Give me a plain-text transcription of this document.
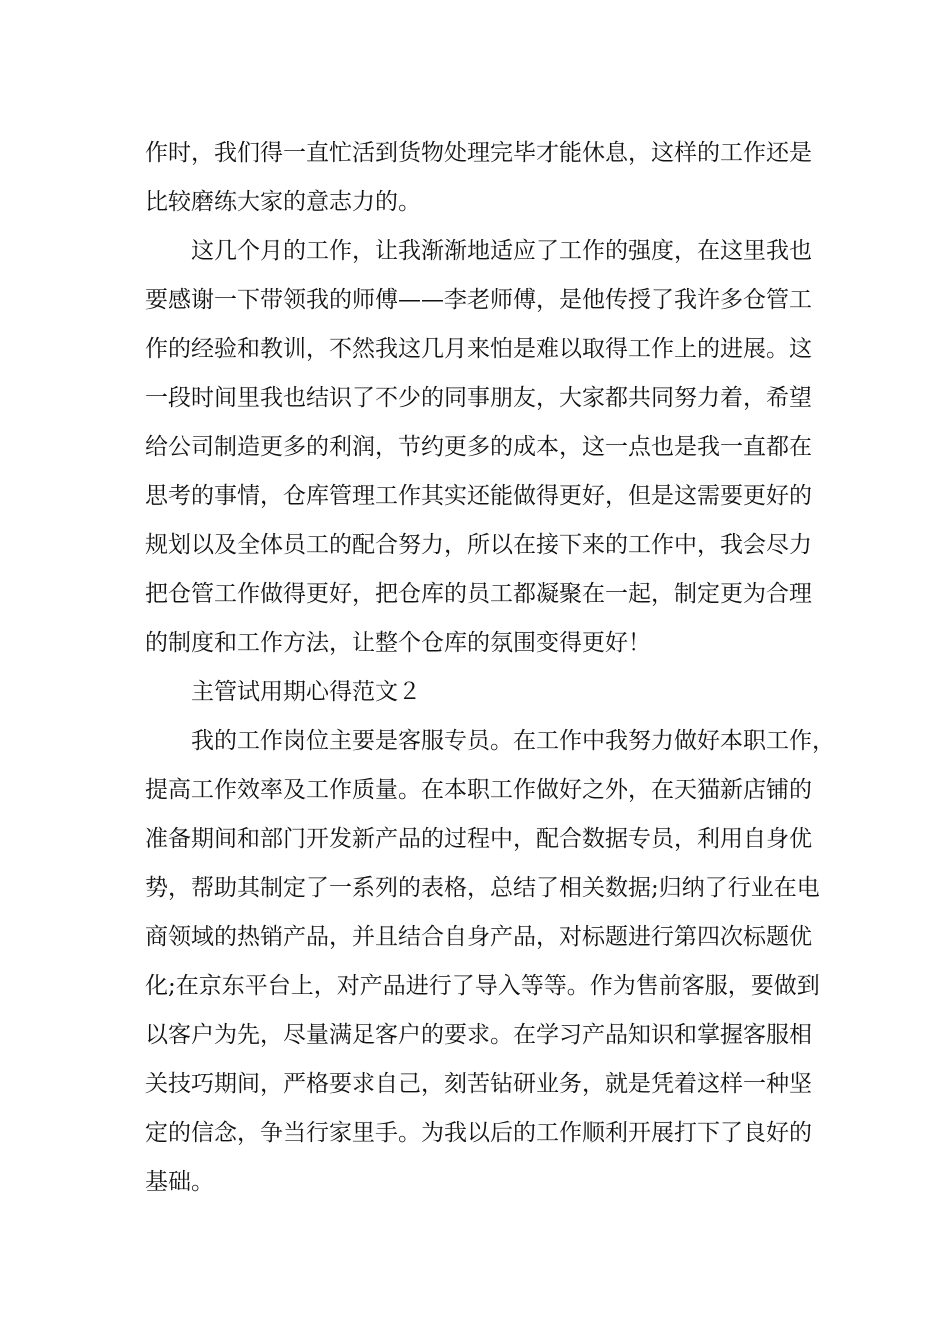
作时，我们得一直忙活到货物处理完毕才能休息，这样的工作还是
比较磨练大家的意志力的。
这几个月的工作，让我渐渐地适应了工作的强度，在这里我也
要感谢一下带领我的师傅——李老师傅，是他传授了我许多仓管工
作的经验和教训，不然我这几月来怕是难以取得工作上的进展。这
一段时间里我也结识了不少的同事朋友，大家都共同努力着，希望
给公司制造更多的利润，节约更多的成本，这一点也是我一直都在
思考的事情，仓库管理工作其实还能做得更好，但是这需要更好的
规划以及全体员工的配合努力，所以在接下来的工作中，我会尽力
把仓管工作做得更好，把仓库的员工都凝聚在一起，制定更为合理
的制度和工作方法，让整个仓库的氛围变得更好！
主管试用期心得范文２
我的工作岗位主要是客服专员。在工作中我努力做好本职工作，
提高工作效率及工作质量。在本职工作做好之外，在天猫新店铺的
准备期间和部门开发新产品的过程中，配合数据专员，利用自身优
势，帮助其制定了一系列的表格，总结了相关数据;归纳了行业在电
商领域的热销产品，并且结合自身产品，对标题进行第四次标题优
化;在京东平台上，对产品进行了导入等等。作为售前客服，要做到
以客户为先，尽量满足客户的要求。在学习产品知识和掌握客服相
关技巧期间，严格要求自己，刻苦钻研业务，就是凭着这样一种坚
定的信念，争当行家里手。为我以后的工作顺利开展打下了良好的
基础。
